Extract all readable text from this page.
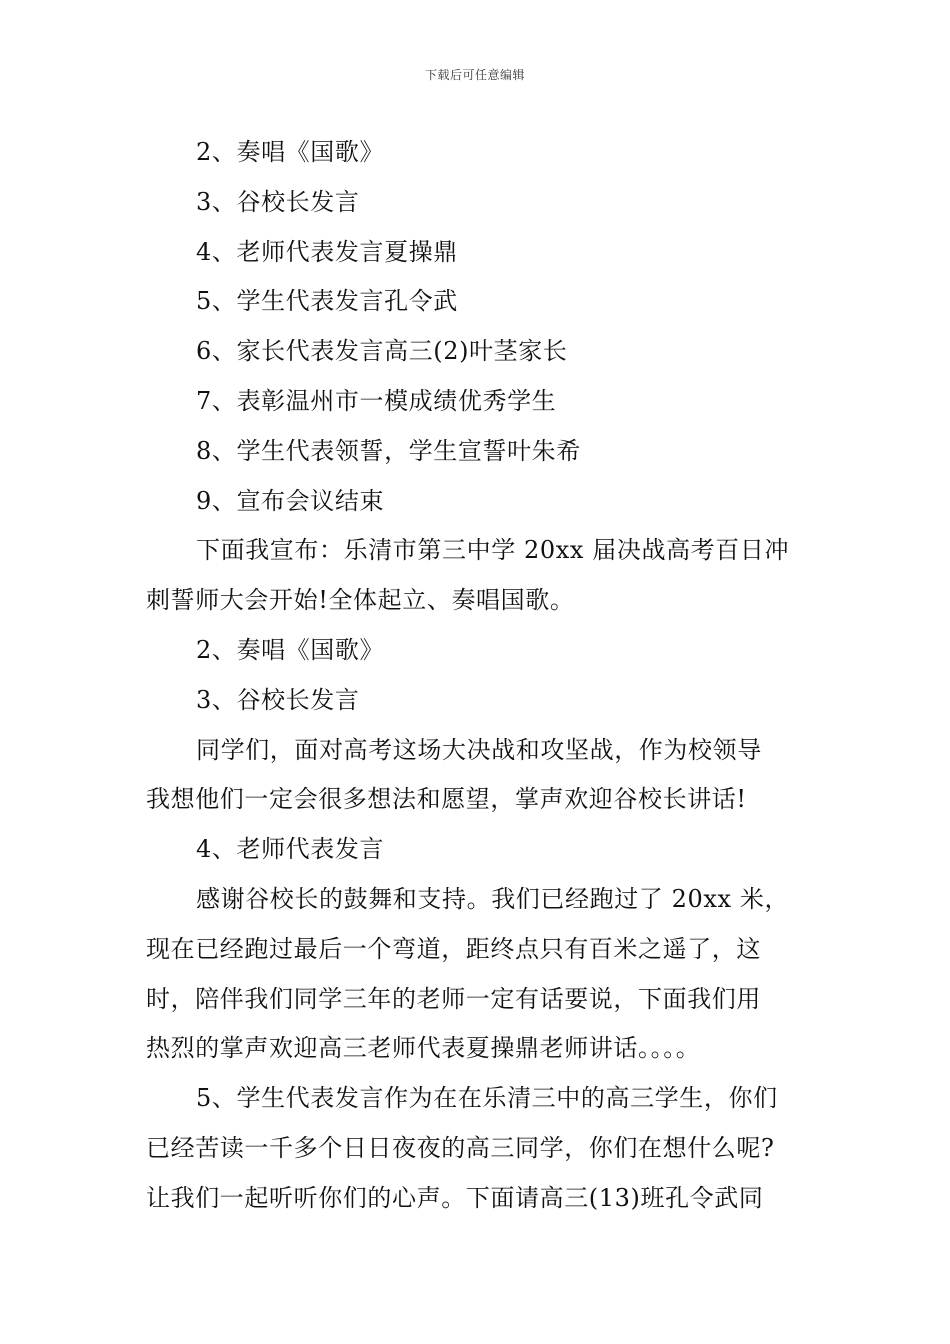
下载后可任意编辑
2、奏唱《国歌》
3、谷校长发言
4、老师代表发言夏操鼎
5、学生代表发言孔令武
6、家长代表发言高三(2)叶茎家长
7、表彰温州市一模成绩优秀学生
8、学生代表领誓，学生宣誓叶朱希
9、宣布会议结束
下面我宣布：乐清市第三中学 20xx 届决战高考百日冲
刺誓师大会开始!全体起立、奏唱国歌。
2、奏唱《国歌》
3、谷校长发言
同学们，面对高考这场大决战和攻坚战，作为校领导
我想他们一定会很多想法和愿望，掌声欢迎谷校长讲话!
4、老师代表发言
感谢谷校长的鼓舞和支持。我们已经跑过了 20xx 米，
现在已经跑过最后一个弯道，距终点只有百米之遥了，这
时，陪伴我们同学三年的老师一定有话要说，下面我们用
热烈的掌声欢迎高三老师代表夏操鼎老师讲话。。。。
5、学生代表发言作为在在乐清三中的高三学生，你们
已经苦读一千多个日日夜夜的高三同学，你们在想什么呢?
让我们一起听听你们的心声。下面请高三(13)班孔令武同
